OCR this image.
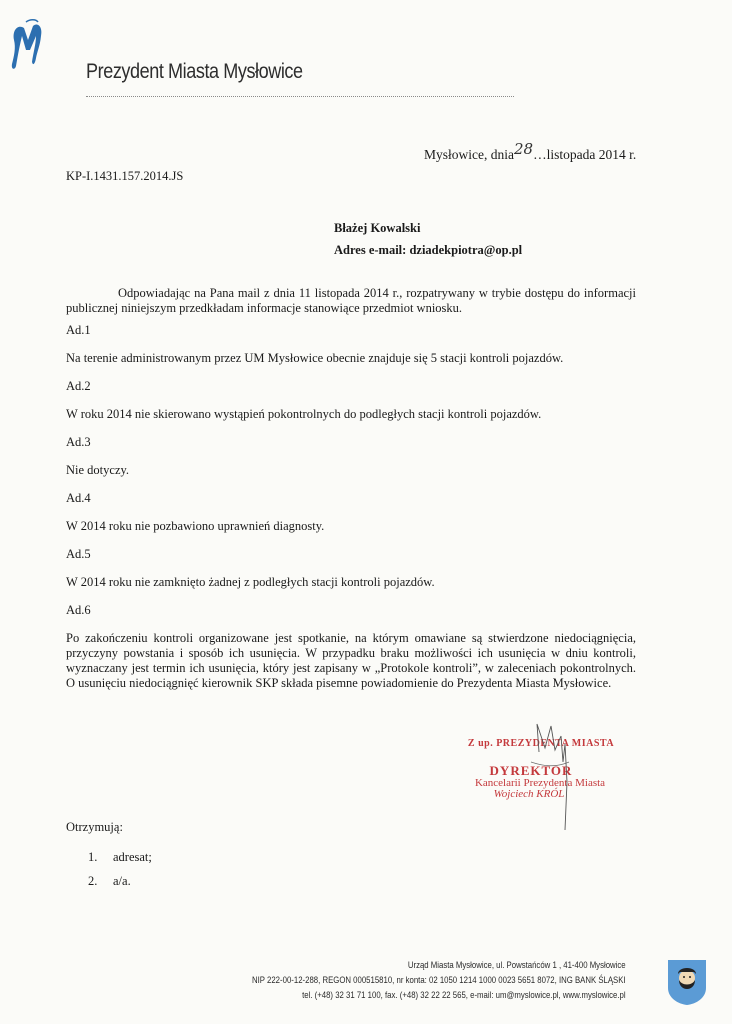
Prezydent Miasta Mysłowice
Mysłowice, dnia28…listopada 2014 r.
KP-I.1431.157.2014.JS
Błażej Kowalski
Adres e-mail: dziadekpiotra@op.pl

Odpowiadając na Pana mail z dnia 11 listopada 2014 r., rozpatrywany w trybie dostępu do informacji publicznej niniejszym przedkładam informacje stanowiące przedmiot wniosku.

Ad.1

Na terenie administrowanym przez UM Mysłowice obecnie znajduje się 5 stacji kontroli pojazdów.

Ad.2

W roku 2014 nie skierowano wystąpień pokontrolnych do podległych stacji kontroli pojazdów.

Ad.3

Nie dotyczy.

Ad.4

W 2014 roku nie pozbawiono uprawnień diagnosty.

Ad.5

W 2014 roku nie zamknięto żadnej z podległych stacji kontroli pojazdów.

Ad.6

Po zakończeniu kontroli organizowane jest spotkanie, na którym omawiane są stwierdzone niedociągnięcia, przyczyny powstania i sposób ich usunięcia. W przypadku braku możliwości ich usunięcia w dniu kontroli, wyznaczany jest termin ich usunięcia, który jest zapisany w „Protokole kontroli”, w zaleceniach pokontrolnych. O usunięciu niedociągnięć kierownik SKP składa pisemne powiadomienie do Prezydenta Miasta Mysłowice.

Z up. PREZYDENTA MIASTA
DYREKTOR
Kancelarii Prezydenta Miasta
Wojciech KRÓL
Otrzymują:
1. adresat;
2. a/a.
Urząd Miasta Mysłowice, ul. Powstańców 1 , 41-400 Mysłowice
NIP 222-00-12-288, REGON 000515810, nr konta: 02 1050 1214 1000 0023 5651 8072, ING BANK ŚLĄSKI
tel. (+48) 32 31 71 100, fax. (+48) 32 22 22 565, e-mail: um@myslowice.pl, www.myslowice.pl
